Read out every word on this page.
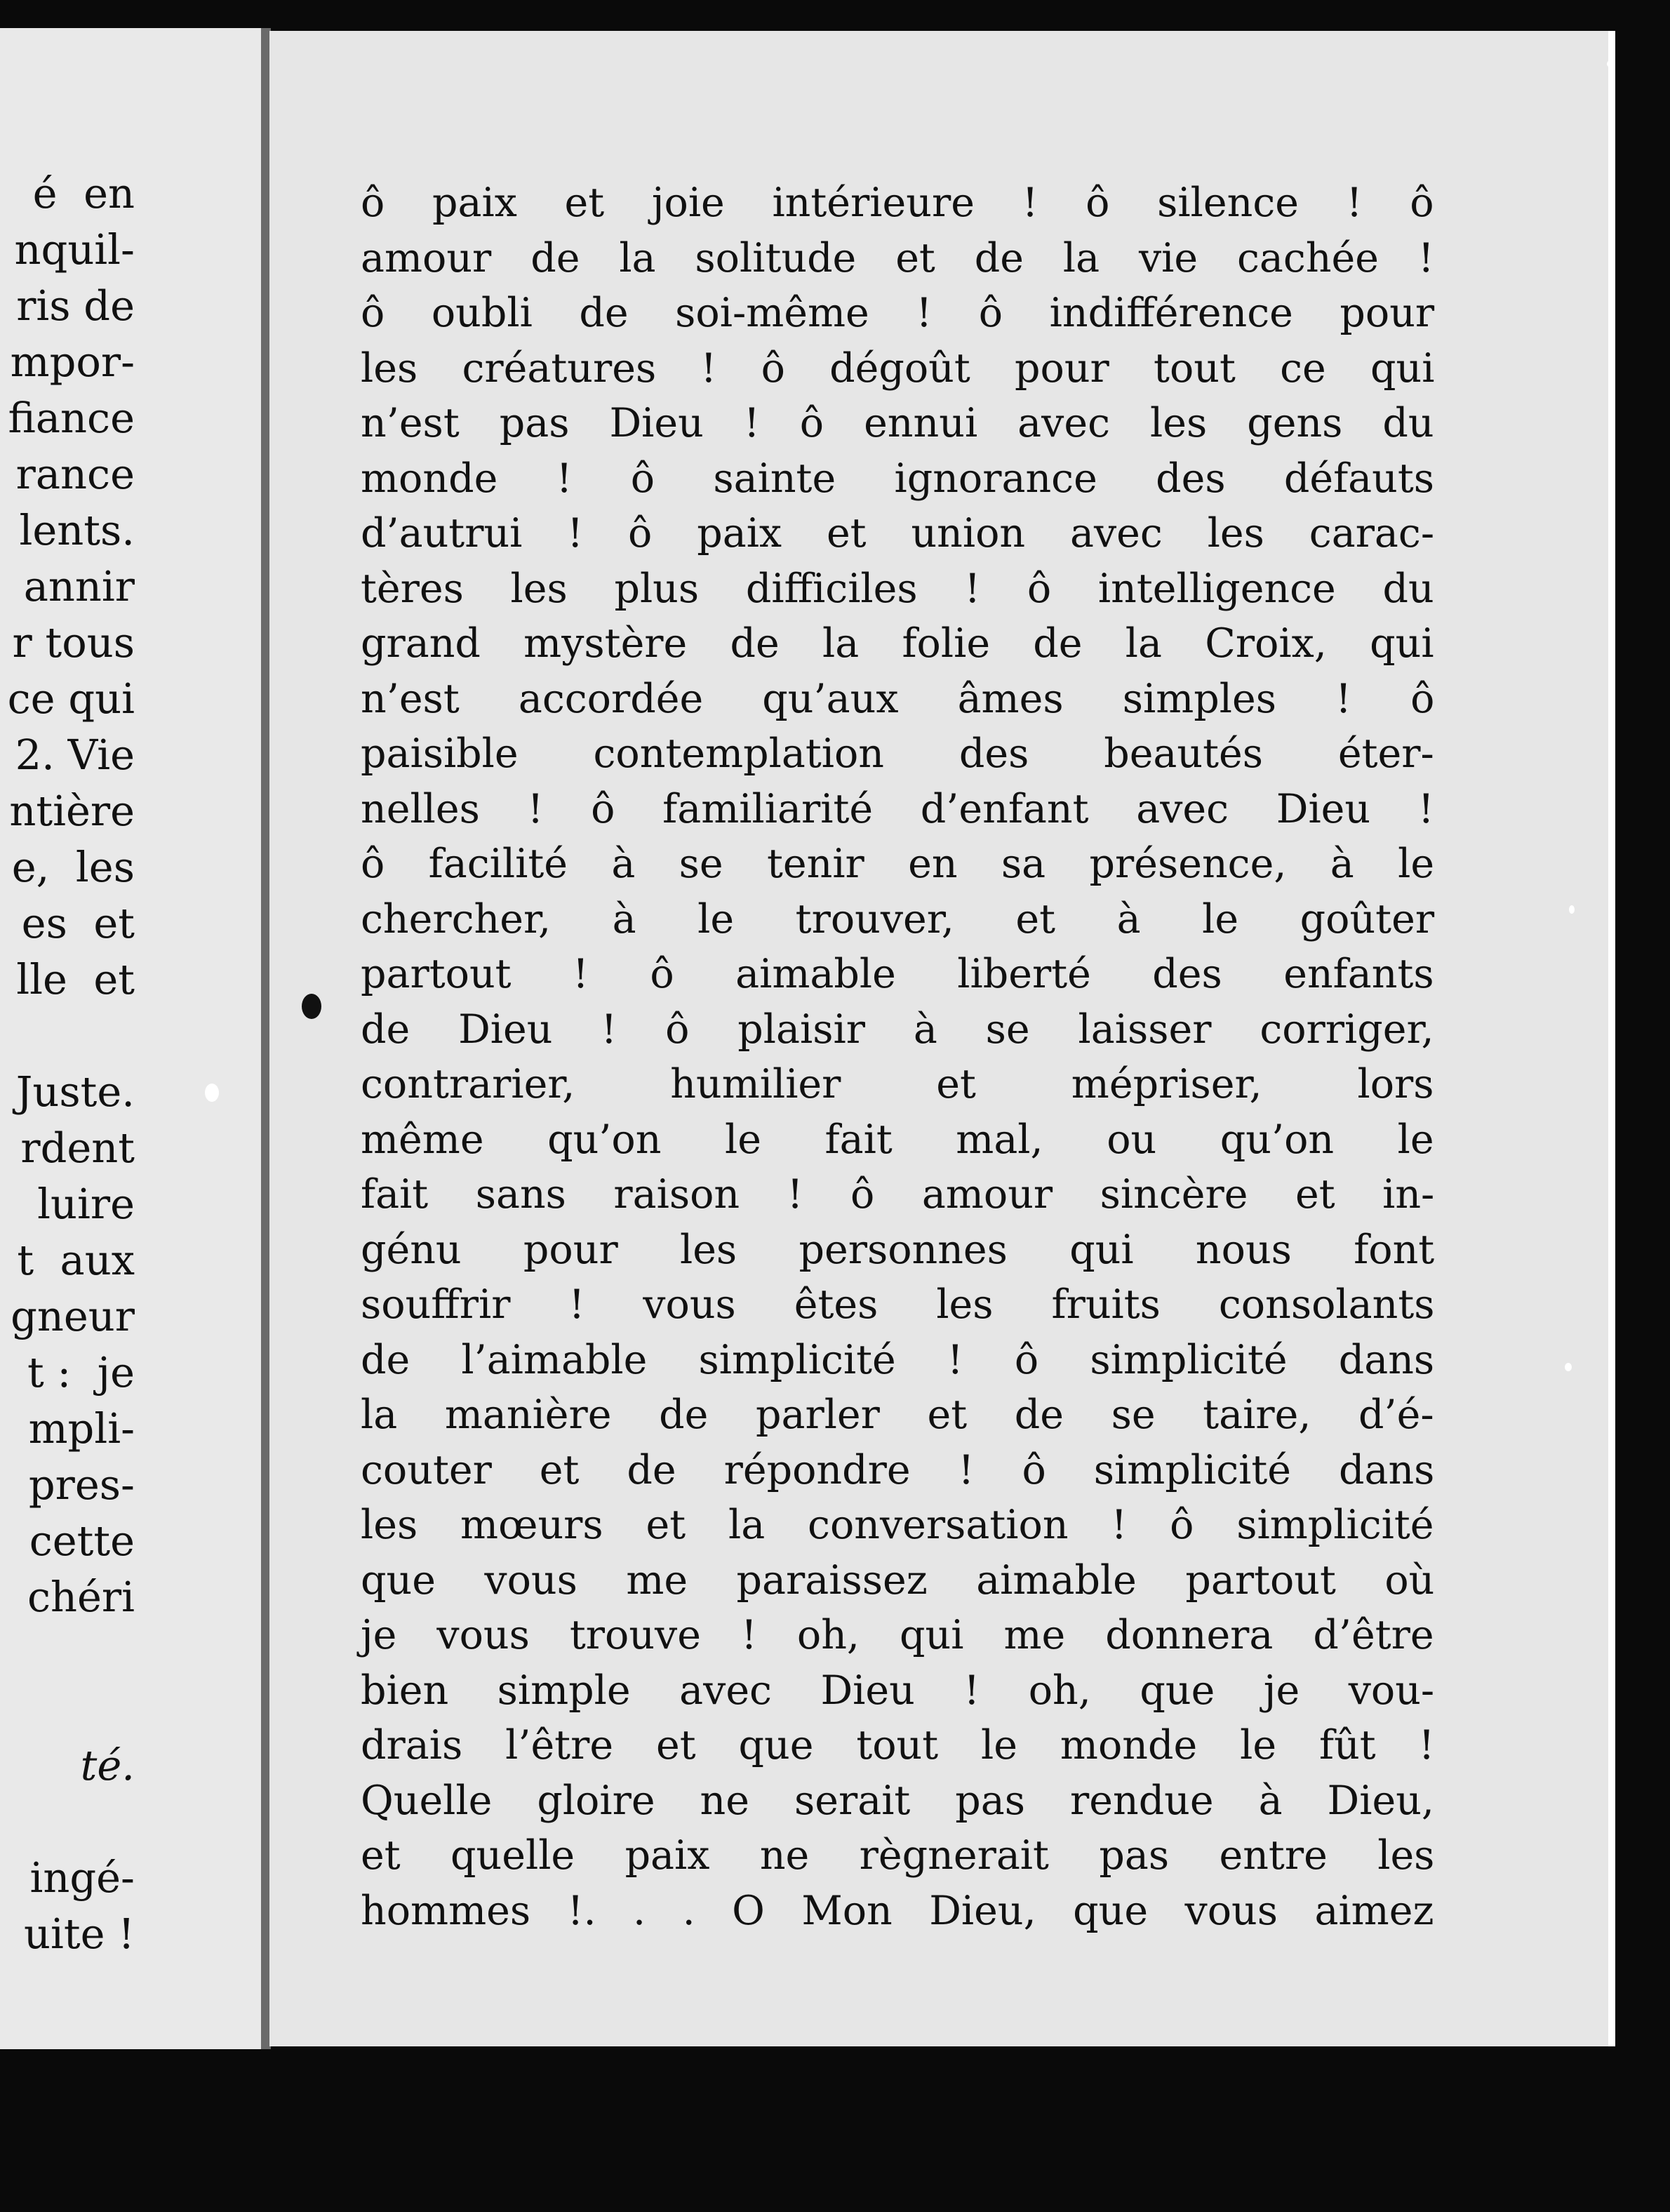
é  en
nquil-
ris de
mpor-
fiance
rance
lents.
annir
r tous
ce qui
2. Vie
ntière
e,  les
es  et
lle  et
Juste.
rdent
luire
t  aux
gneur
t :  je
mpli-
pres-
cette
chéri
té.
ingé-
uite !
ô paix et joie intérieure ! ô silence ! ô
amour de la solitude et de la vie cachée !
ô oubli de soi-même ! ô indifférence pour
les créatures ! ô dégoût pour tout ce qui
n’est pas Dieu ! ô ennui avec les gens du
monde ! ô sainte ignorance des défauts
d’autrui ! ô paix et union avec les carac-
tères les plus difficiles ! ô intelligence du
grand mystère de la folie de la Croix, qui
n’est accordée qu’aux âmes simples ! ô
paisible contemplation des beautés éter-
nelles ! ô familiarité d’enfant avec Dieu !
ô facilité à se tenir en sa présence, à le
chercher, à le trouver, et à le goûter
partout ! ô aimable liberté des enfants
de Dieu ! ô plaisir à se laisser corriger,
contrarier, humilier et mépriser, lors
même qu’on le fait mal, ou qu’on le
fait sans raison ! ô amour sincère et in-
génu pour les personnes qui nous font
souffrir ! vous êtes les fruits consolants
de l’aimable simplicité ! ô simplicité dans
la manière de parler et de se taire, d’é-
couter et de répondre ! ô simplicité dans
les mœurs et la conversation ! ô simplicité
que vous me paraissez aimable partout où
je vous trouve ! oh, qui me donnera d’être
bien simple avec Dieu ! oh, que je vou-
drais l’être et que tout le monde le fût !
Quelle gloire ne serait pas rendue à Dieu,
et quelle paix ne règnerait pas entre les
hommes !. . . O Mon Dieu, que vous aimez
